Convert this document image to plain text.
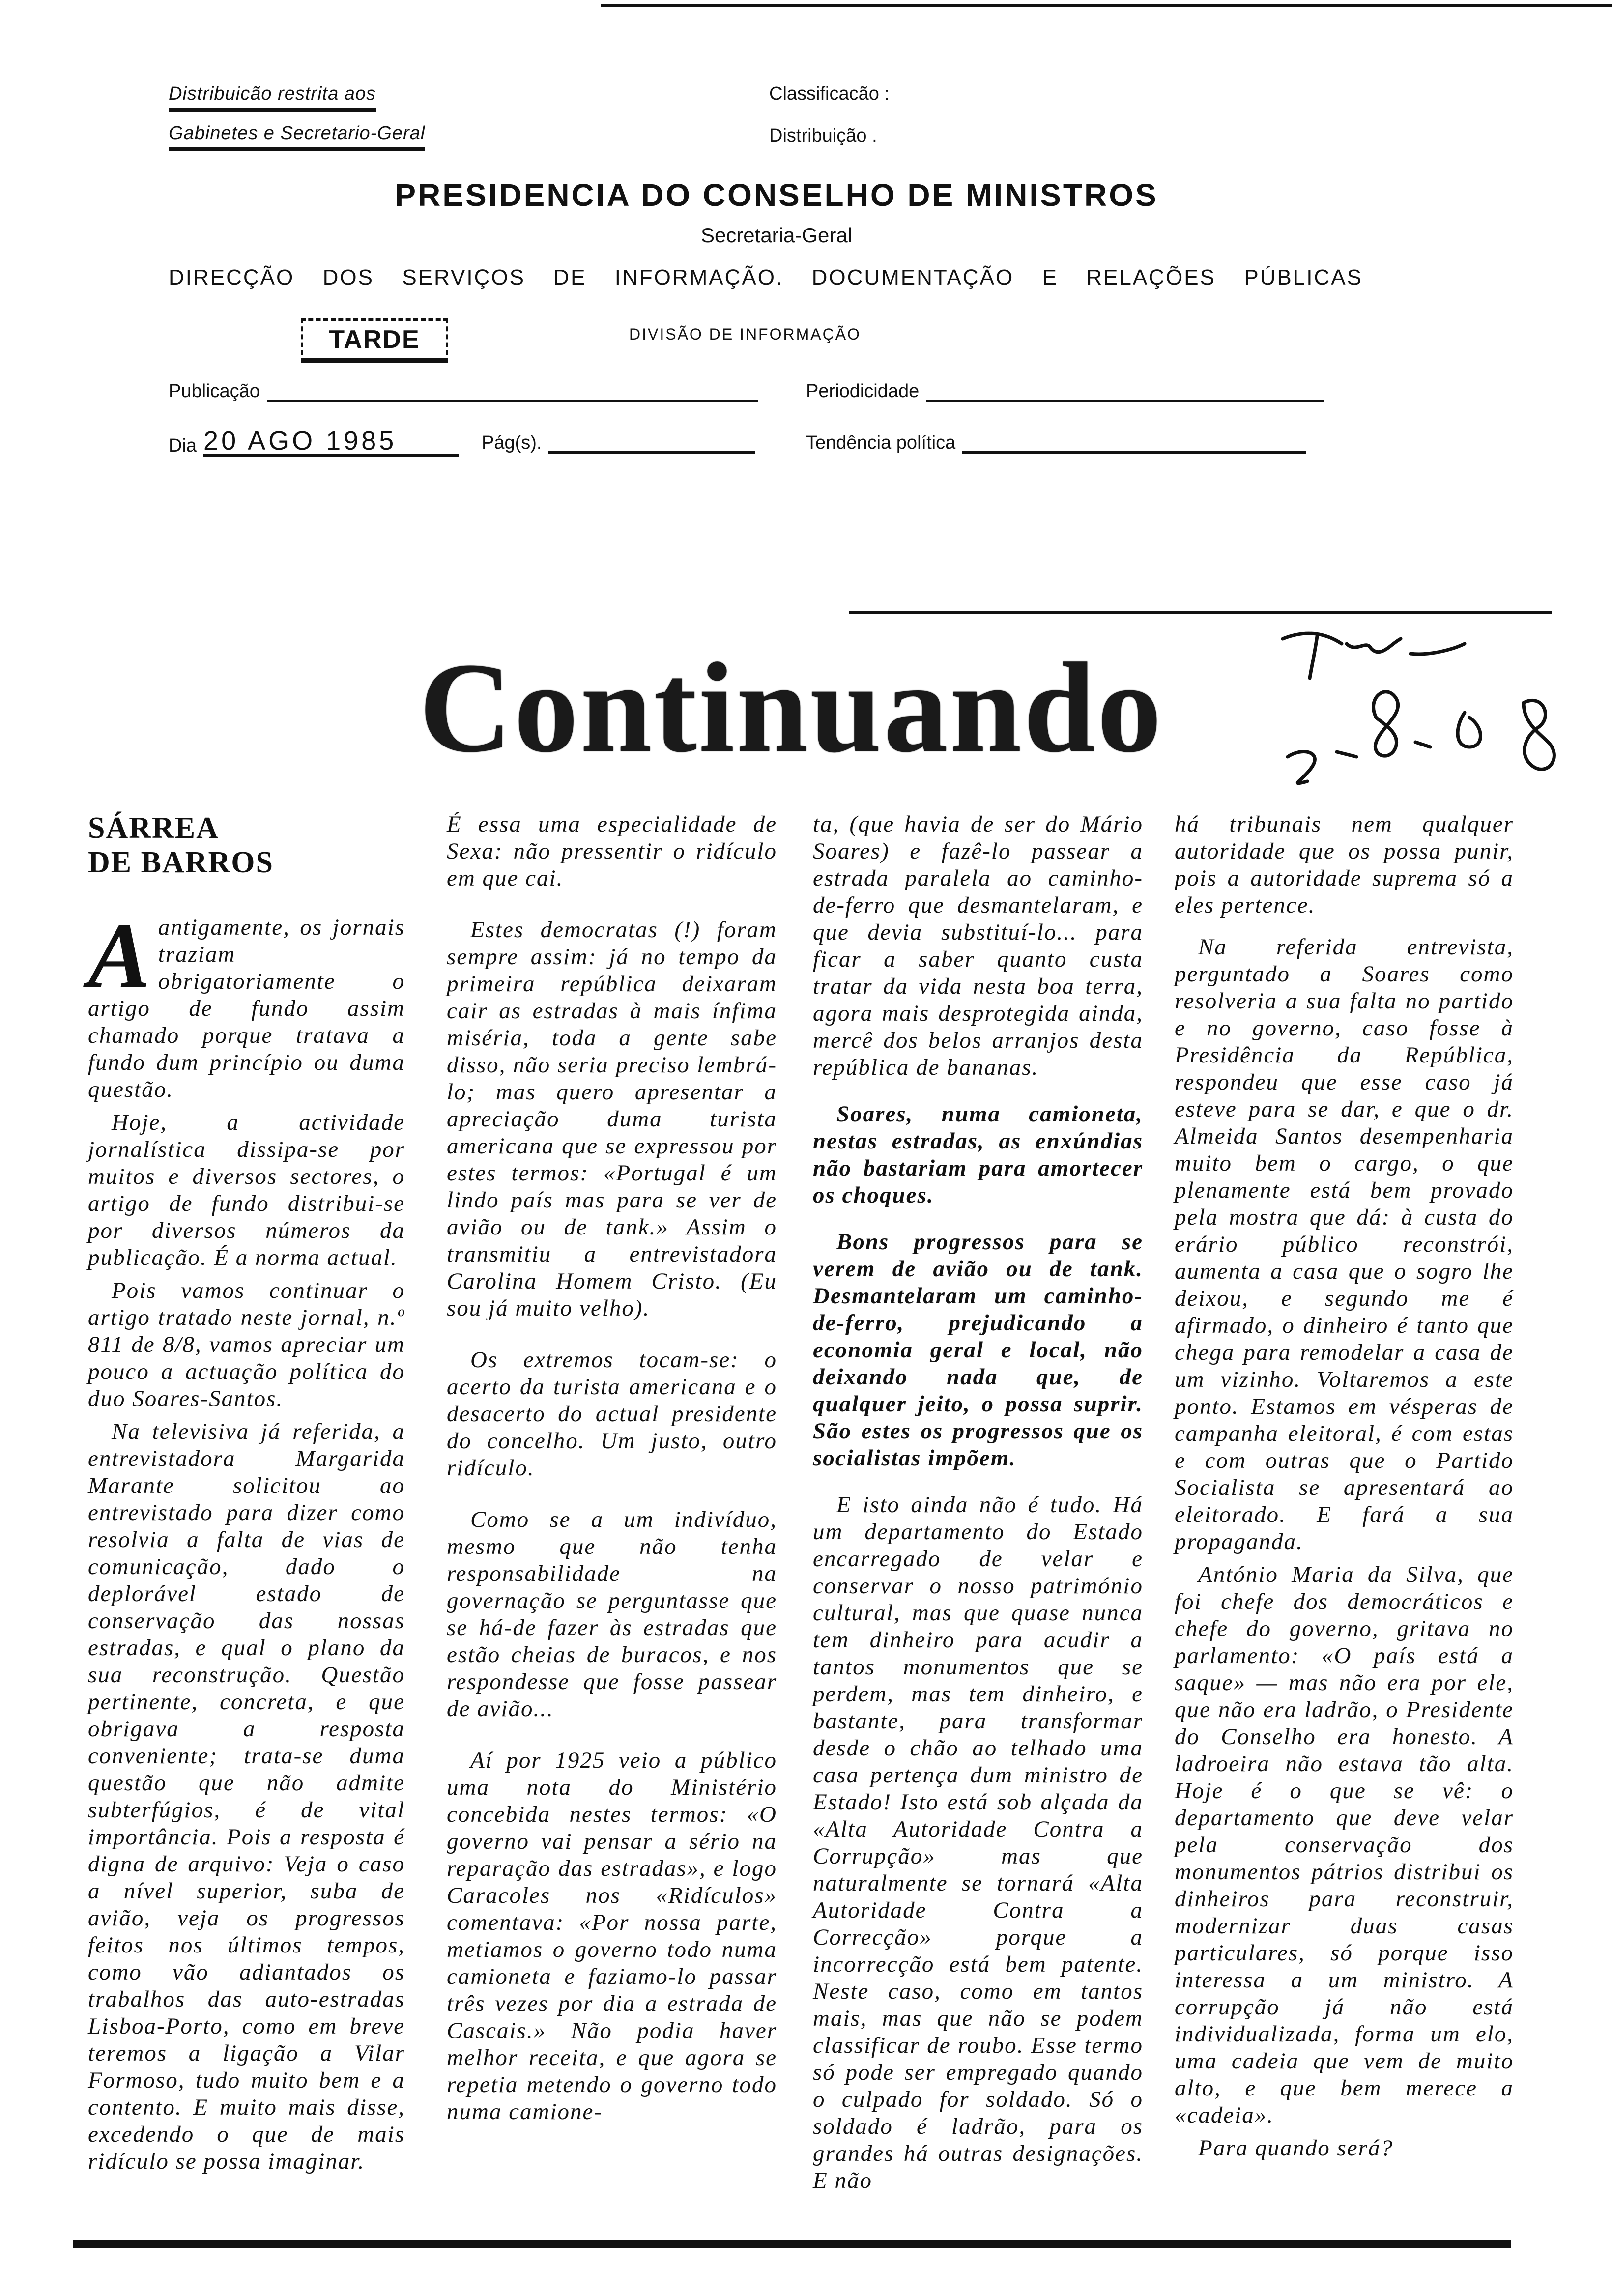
Distribuicão restrita aos
Gabinetes e Secretario-Geral
Classificacão :
Distribuição .
PRESIDENCIA DO CONSELHO DE MINISTROS
Secretaria-Geral
DIRECÇÃO DOS SERVIÇOS DE INFORMAÇÃO. DOCUMENTAÇÃO E RELAÇÕES PÚBLICAS
TARDE	DIVISÃO DE INFORMAÇÃO
Publicação	Periodicidade
Dia 20 AGO 1985	Pág(s).	Tendência política
Continuando
SÁRREA
DE BARROS
A antigamente, os jornais traziam obrigatoriamente o artigo de fundo assim chamado porque tratava a fundo dum princípio ou duma questão.

Hoje, a actividade jornalística dissipa-se por muitos e diversos sectores, o artigo de fundo distribui-se por diversos números da publicação. É a norma actual.

Pois vamos continuar o artigo tratado neste jornal, n.º 811 de 8/8, vamos apreciar um pouco a actuação política do duo Soares-Santos.

Na televisiva já referida, a entrevistadora Margarida Marante solicitou ao entrevistado para dizer como resolvia a falta de vias de comunicação, dado o deplorável estado de conservação das nossas estradas, e qual o plano da sua reconstrução. Questão pertinente, concreta, e que obrigava a resposta conveniente; trata-se duma questão que não admite subterfúgios, é de vital importância. Pois a resposta é digna de arquivo: Veja o caso a nível superior, suba de avião, veja os progressos feitos nos últimos tempos, como vão adiantados os trabalhos das auto-estradas Lisboa-Porto, como em breve teremos a ligação a Vilar Formoso, tudo muito bem e a contento. E muito mais disse, excedendo o que de mais ridículo se possa imaginar.

É essa uma especialidade de Sexa: não pressentir o ridículo em que cai.

Estes democratas (!) foram sempre assim: já no tempo da primeira república deixaram cair as estradas à mais ínfima miséria, toda a gente sabe disso, não seria preciso lembrá-lo; mas quero apresentar a apreciação duma turista americana que se expressou por estes termos: «Portugal é um lindo país mas para se ver de avião ou de tank.» Assim o transmitiu a entrevistadora Carolina Homem Cristo. (Eu sou já muito velho).

Os extremos tocam-se: o acerto da turista americana e o desacerto do actual presidente do concelho. Um justo, outro ridículo.

Como se a um indivíduo, mesmo que não tenha responsabilidade na governação se perguntasse que se há-de fazer às estradas que estão cheias de buracos, e nos respondesse que fosse passear de avião...

Aí por 1925 veio a público uma nota do Ministério concebida nestes termos: «O governo vai pensar a sério na reparação das estradas», e logo Caracoles nos «Ridículos» comentava: «Por nossa parte, metiamos o governo todo numa camioneta e faziamo-lo passar três vezes por dia a estrada de Cascais.» Não podia haver melhor receita, e que agora se repetia metendo o governo todo numa camione-

ta, (que havia de ser do Mário Soares) e fazê-lo passear a estrada paralela ao caminho-de-ferro que desmantelaram, e que devia substituí-lo... para ficar a saber quanto custa tratar da vida nesta boa terra, agora mais desprotegida ainda, mercê dos belos arranjos desta república de bananas.

Soares, numa camioneta, nestas estradas, as enxúndias não bastariam para amortecer os choques.

Bons progressos para se verem de avião ou de tank. Desmantelaram um caminho-de-ferro, prejudicando a economia geral e local, não deixando nada que, de qualquer jeito, o possa suprir. São estes os progressos que os socialistas impõem.

E isto ainda não é tudo. Há um departamento do Estado encarregado de velar e conservar o nosso património cultural, mas que quase nunca tem dinheiro para acudir a tantos monumentos que se perdem, mas tem dinheiro, e bastante, para transformar desde o chão ao telhado uma casa pertença dum ministro de Estado! Isto está sob alçada da «Alta Autoridade Contra a Corrupção» mas que naturalmente se tornará «Alta Autoridade Contra a Correcção» porque a incorrecção está bem patente. Neste caso, como em tantos mais, mas que não se podem classificar de roubo. Esse termo só pode ser empregado quando o culpado for soldado. Só o soldado é ladrão, para os grandes há outras designações. E não

há tribunais nem qualquer autoridade que os possa punir, pois a autoridade suprema só a eles pertence.

Na referida entrevista, perguntado a Soares como resolveria a sua falta no partido e no governo, caso fosse à Presidência da República, respondeu que esse caso já esteve para se dar, e que o dr. Almeida Santos desempenharia muito bem o cargo, o que plenamente está bem provado pela mostra que dá: à custa do erário público reconstrói, aumenta a casa que o sogro lhe deixou, e segundo me é afirmado, o dinheiro é tanto que chega para remodelar a casa de um vizinho. Voltaremos a este ponto. Estamos em vésperas de campanha eleitoral, é com estas e com outras que o Partido Socialista se apresentará ao eleitorado. E fará a sua propaganda.

António Maria da Silva, que foi chefe dos democráticos e chefe do governo, gritava no parlamento: «O país está a saque» — mas não era por ele, que não era ladrão, o Presidente do Conselho era honesto. A ladroeira não estava tão alta. Hoje é o que se vê: o departamento que deve velar pela conservação dos monumentos pátrios distribui os dinheiros para reconstruir, modernizar duas casas particulares, só porque isso interessa a um ministro. A corrupção já não está individualizada, forma um elo, uma cadeia que vem de muito alto, e que bem merece a «cadeia».

Para quando será?
